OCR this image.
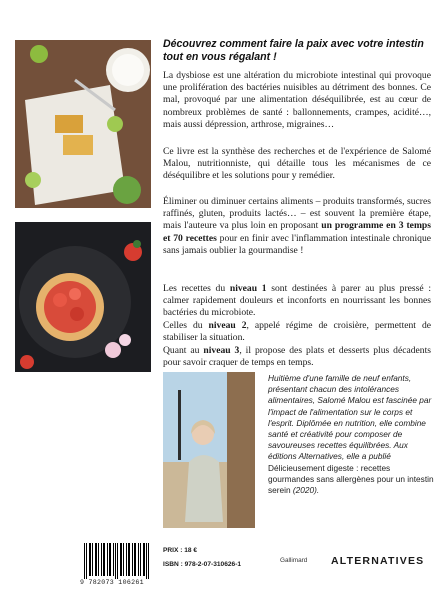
Découvrez comment faire la paix avec votre intestin tout en vous régalant !

La dysbiose est une altération du microbiote intestinal qui provoque une prolifération des bactéries nuisibles au détriment des bonnes. Ce mal, provoqué par une alimentation déséquilibrée, est au cœur de nombreux problèmes de santé : ballonnements, crampes, acidité…, mais aussi dépression, arthrose, migraines…

Ce livre est la synthèse des recherches et de l'expérience de Salomé Malou, nutritionniste, qui détaille tous les mécanismes de ce déséquilibre et les solutions pour y remédier.

Éliminer ou diminuer certains aliments – produits transformés, sucres raffinés, gluten, produits lactés… – est souvent la première étape, mais l'auteure va plus loin en proposant un programme en 3 temps et 70 recettes pour en finir avec l'inflammation intestinale chronique sans jamais oublier la gourmandise !

Les recettes du niveau 1 sont destinées à parer au plus pressé : calmer rapidement douleurs et inconforts en nourrissant les bonnes bactéries du microbiote.

Celles du niveau 2, appelé régime de croisière, permettent de stabiliser la situation.

Quant au niveau 3, il propose des plats et desserts plus décadents pour savoir craquer de temps en temps.

Huitième d'une famille de neuf enfants, présentant chacun des intolérances alimentaires, Salomé Malou est fascinée par l'impact de l'alimentation sur le corps et l'esprit. Diplômée en nutrition, elle combine santé et créativité pour composer de savoureuses recettes équilibrées. Aux éditions Alternatives, elle a publié Délicieusement digeste : recettes gourmandes sans allergènes pour un intestin serein (2020).
9 782073 106261
PRIX : 18 €
ISBN : 978-2-07-310626-1
Gallimard ALTERNATIVES
